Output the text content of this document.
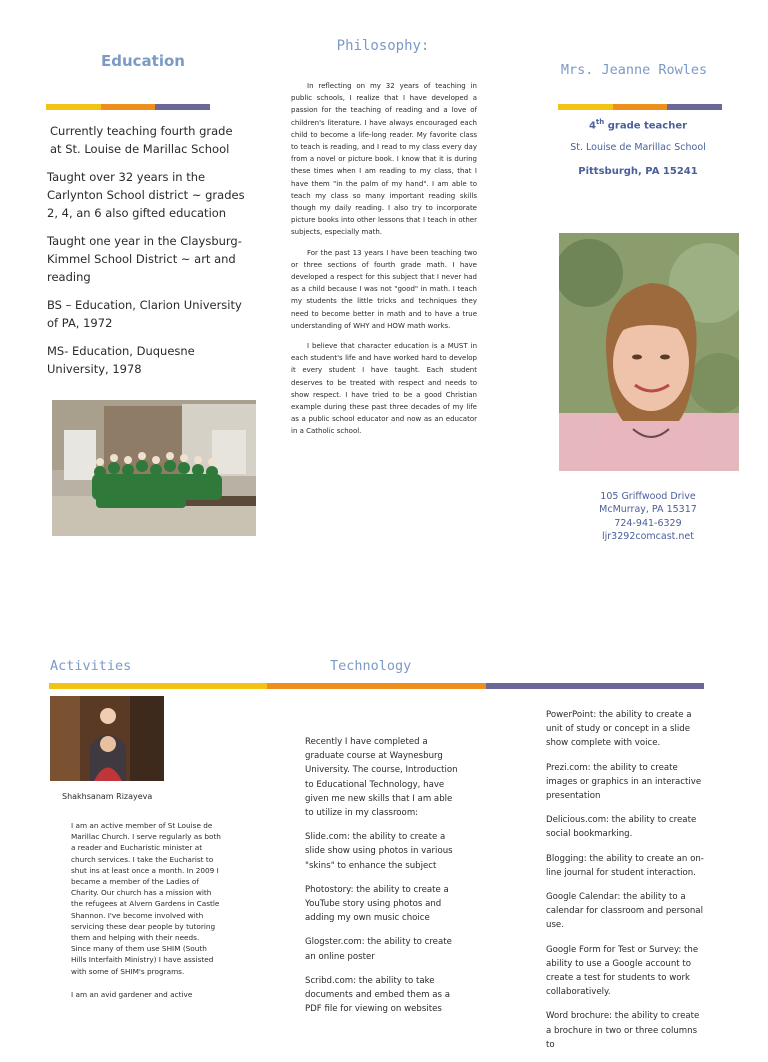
Education

Currently teaching fourth grade at St. Louise de Marillac School

Taught over 32 years in the Carlynton School district ~ grades 2, 4, an 6 also gifted education

Taught one year in the Claysburg-Kimmel School District ~ art and reading

BS – Education, Clarion University of PA, 1972

MS- Education, Duquesne University, 1978

Philosophy:

In reflecting on my 32 years of teaching in public schools, I realize that I have developed a passion for the teaching of reading and a love of children's literature. I have always encouraged each child to become a life-long reader. My favorite class to teach is reading, and I read to my class every day from a novel or picture book. I know that it is during these times when I am reading to my class, that I have them "in the palm of my hand". I am able to teach my class so many important reading skills though my daily reading. I also try to incorporate picture books into other lessons that I teach in other subjects, especially math.

For the past 13 years I have been teaching two or three sections of fourth grade math. I have developed a respect for this subject that I never had as a child because I was not "good" in math. I teach my students the little tricks and techniques they need to become better in math and to have a true understanding of WHY and HOW math works.

I believe that character education is a MUST in each student's life and have worked hard to develop it every student I have taught. Each student deserves to be treated with respect and needs to show respect. I have tried to be a good Christian example during these past three decades of my life as a public school educator and now as an educator in a Catholic school.

Mrs. Jeanne Rowles
4th grade teacher
St. Louise de Marillac School
Pittsburgh, PA 15241
105 Griffwood Drive
McMurray, PA 15317
724-941-6329
ljr3292comcast.net
Activities	Technology
Shakhsanam Rizayeva

I am an active member of St Louise de Marillac Church. I serve regularly as both a reader and Eucharistic minister at church services. I take the Eucharist to shut ins at least once a month. In 2009 I became a member of the Ladies of Charity. Our church has a mission with the refugees at Alvern Gardens in Castle Shannon. I've become involved with servicing these dear people by tutoring them and helping with their needs. Since many of them use SHIM (South Hills Interfaith Ministry) I have assisted with some of SHIM's programs.

I am an avid gardener and active

Recently I have completed a graduate course at Waynesburg University. The course, Introduction to Educational Technology, have given me new skills that I am able to utilize in my classroom:

Slide.com: the ability to create a slide show using photos in various "skins" to enhance the subject

Photostory: the ability to create a YouTube story using photos and adding my own music choice

Glogster.com: the ability to create an online poster

Scribd.com: the ability to take documents and embed them as a PDF file for viewing on websites

PowerPoint: the ability to create a unit of study or concept in a slide show complete with voice.

Prezi.com: the ability to create images or graphics in an interactive presentation

Delicious.com: the ability to create social bookmarking.

Blogging: the ability to create an on-line journal for student interaction.

Google Calendar: the ability to a calendar for classroom and personal use.

Google Form for Test or Survey: the ability to use a Google account to create a test for students to work collaboratively.

Word brochure: the ability to create a brochure in two or three columns to
